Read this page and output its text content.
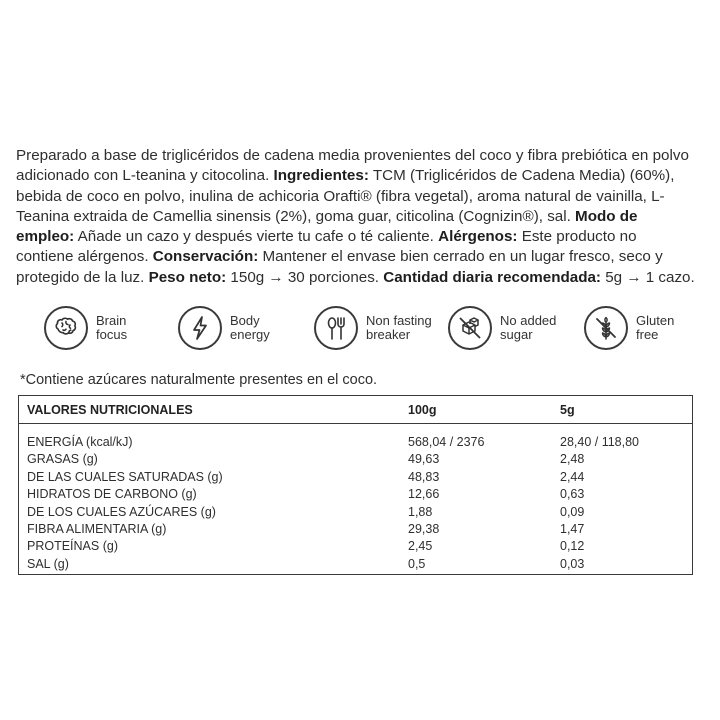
Preparado a base de triglicéridos de cadena media provenientes del coco y fibra prebiótica en polvo adicionado con L-teanina y citocolina. Ingredientes: TCM (Triglicéridos de Cadena Media) (60%), bebida de coco en polvo, inulina de achicoria Orafti® (fibra vegetal), aroma natural de vainilla, L-Teanina extraida de Camellia sinensis (2%), goma guar, citicolina (Cognizin®), sal. Modo de empleo: Añade un cazo y después vierte tu cafe o té caliente. Alérgenos: Este producto no contiene alérgenos. Conservación: Mantener el envase bien cerrado en un lugar fresco, seco y protegido de la luz. Peso neto: 150g → 30 porciones. Cantidad diaria recomendada: 5g → 1 cazo.
Brain
focus
Body
energy
Non fasting
breaker
No added
sugar
Gluten
free
*Contiene azúcares naturalmente presentes en el coco.
VALORES NUTRICIONALES	100g	5g
ENERGÍA (kcal/kJ)	568,04 / 2376	28,40 / 118,80
GRASAS (g)	49,63	2,48
DE LAS CUALES SATURADAS (g)	48,83	2,44
HIDRATOS DE CARBONO (g)	12,66	0,63
DE LOS CUALES AZÚCARES (g)	1,88	0,09
FIBRA ALIMENTARIA (g)	29,38	1,47
PROTEÍNAS (g)	2,45	0,12
SAL (g)	0,5	0,03
